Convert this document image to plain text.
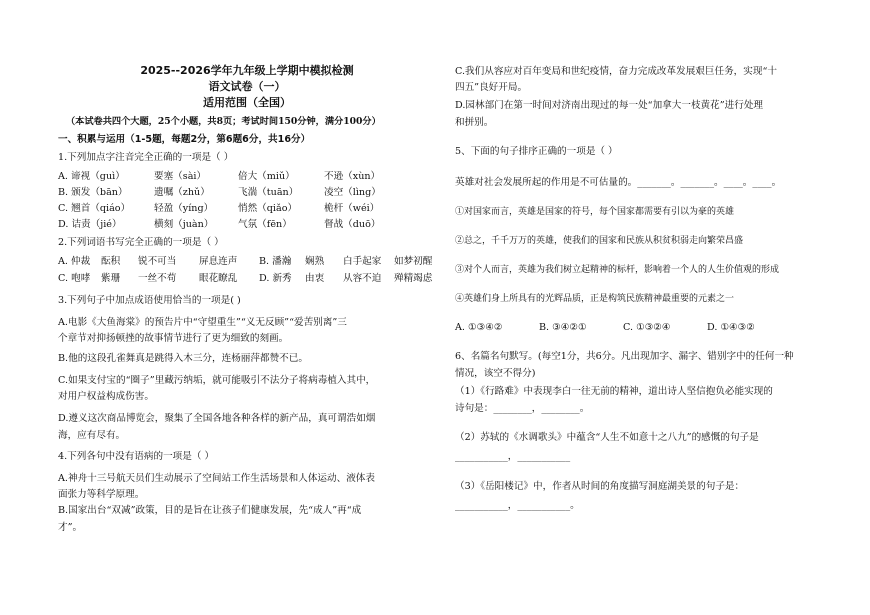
2025--2026学年九年级上学期中模拟检测
语文试卷（一）
适用范围（全国）
（本试卷共四个大题，25个小题，共8页；考试时间150分钟，满分100分）
一、积累与运用（1-5题，每题2分，第6题6分，共16分）
1.下列加点字注音完全正确的一项是（ ）
A. 谛视（guì）	要塞（sài）	倍大（miǔ）	不逊（xùn）
B. 颁发（bān）	遗嘱（zhǔ）	飞湍（tuān）	凌空（lìng）
C. 翘首（qiáo） 轻盈（yíng）	悄然（qiǎo）	桅杆（wéi）
D. 诘责（jié）	横刻（juàn）	气氛（fēn）	督战（duō）
2.下列词语书写完全正确的一项是（ ）
A. 仲裁 酝积 锐不可当 屏息连声 B. 潘瀚 娴熟 白手起家 如梦初醒
C. 咆哮 紫珊 一丝不苟 眼花瞭乱 D. 新秀 由衷 从容不迫 殚精竭虑
3.下列句子中加点成语使用恰当的一项是( )
A.电影《大鱼海棠》的预告片中“守望重生”“义无反顾”“爱苦别离”三
个章节对抑扬顿挫的故事情节进行了更为细致的刻画。
B.他的这段孔雀舞真是跳得入木三分，连杨丽萍都赞不已。
C.如果支付宝的“圈子”里藏污纳垢，就可能吸引不法分子将病毒植入其中，
对用户权益构成伤害。
D.遵义这次商品博览会，聚集了全国各地各种各样的新产品，真可谓浩如烟
海，应有尽有。
4.下列各句中没有语病的一项是（ ）
A.神舟十三号航天员们生动展示了空间站工作生活场景和人体运动、液体表
面张力等科学原理。
B.国家出台“双减”政策，目的是旨在让孩子们健康发展，先“成人”再“成
才”。
C.我们从容应对百年变局和世纪疫情，奋力完成改革发展艰巨任务，实现“十
四五”良好开局。
D.园林部门在第一时间对济南出现过的每一处“加拿大一枝黄花”进行处理
和拼别。
5、下面的句子排序正确的一项是（ ）
英雄对社会发展所起的作用是不可估量的。_______。_______。____。____。
①对国家而言，英雄是国家的符号，每个国家都需要有引以为豪的英雄
②总之，千千万万的英雄，使我们的国家和民族从积贫积弱走向繁荣昌盛
③对个人而言，英雄为我们树立起精神的标杆，影响着一个人的人生价值观的形成
④英雄们身上所具有的光辉品质，正是构筑民族精神最重要的元素之一
A. ①③④②	B. ③④②①	C. ①③②④	D. ①④③②
6、名篇名句默写。(每空1分，共6分。凡出现加字、漏字、错别字中的任何一种
情况，该空不得分)
（1）《行路难》中表现李白一往无前的精神，道出诗人坚信抱负必能实现的
诗句是：________，________。
（2）苏轼的《水调歌头》中蕴含“人生不如意十之八九”的感慨的句子是
___________，___________
（3）《岳阳楼记》中，作者从时间的角度描写洞庭湖美景的句子是：
___________，___________。
